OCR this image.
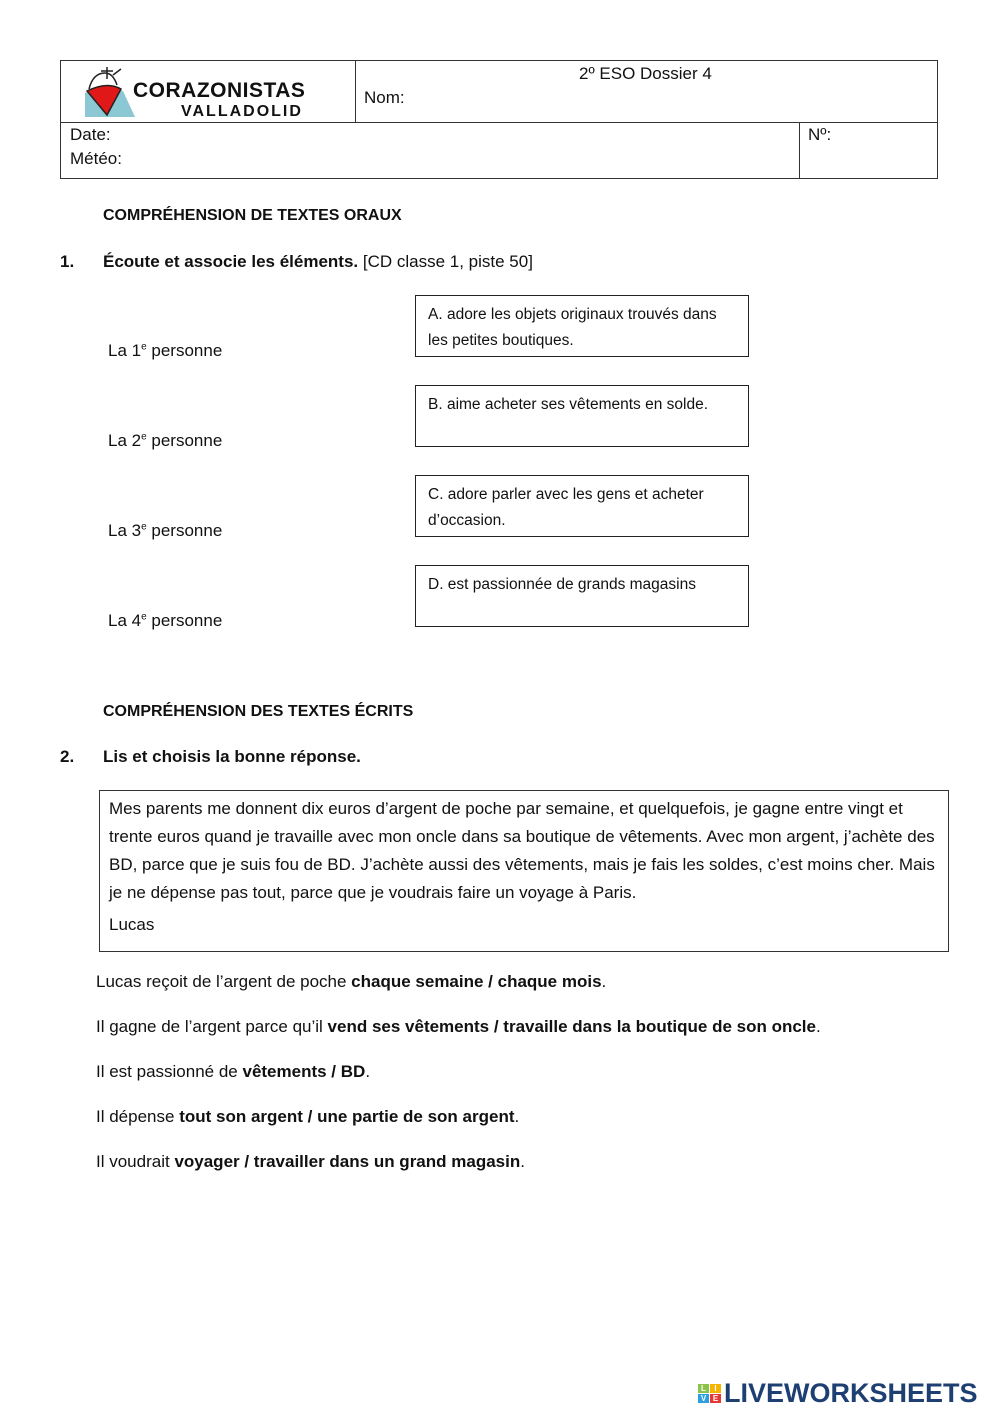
CORAZONISTAS
VALLADOLID
Nom:
2º ESO Dossier 4
Date:
Météo:
Nº:
COMPRÉHENSION DE TEXTES ORAUX
1. Écoute et associe les éléments. [CD classe 1, piste 50]
La 1e personne
La 2e personne
La 3e personne
La 4e personne
A. adore les objets originaux trouvés dans les petites boutiques.
B. aime acheter ses vêtements en solde.
C. adore parler avec les gens et acheter d’occasion.
D. est passionnée de grands magasins
COMPRÉHENSION DES TEXTES ÉCRITS
2. Lis et choisis la bonne réponse.
Mes parents me donnent dix euros d’argent de poche par semaine, et quelquefois, je gagne entre vingt et trente euros quand je travaille avec mon oncle dans sa boutique de vêtements. Avec mon argent, j’achète des BD, parce que je suis fou de BD. J’achète aussi des vêtements, mais je fais les soldes, c’est moins cher. Mais je ne dépense pas tout, parce que je voudrais faire un voyage à Paris.
Lucas
Lucas reçoit de l’argent de poche chaque semaine / chaque mois.
Il gagne de l’argent parce qu’il vend ses vêtements / travaille dans la boutique de son oncle.
Il est passionné de vêtements / BD.
Il dépense tout son argent / une partie de son argent.
Il voudrait voyager / travailler dans un grand magasin.
L	I
V E LIVEWORKSHEETS
